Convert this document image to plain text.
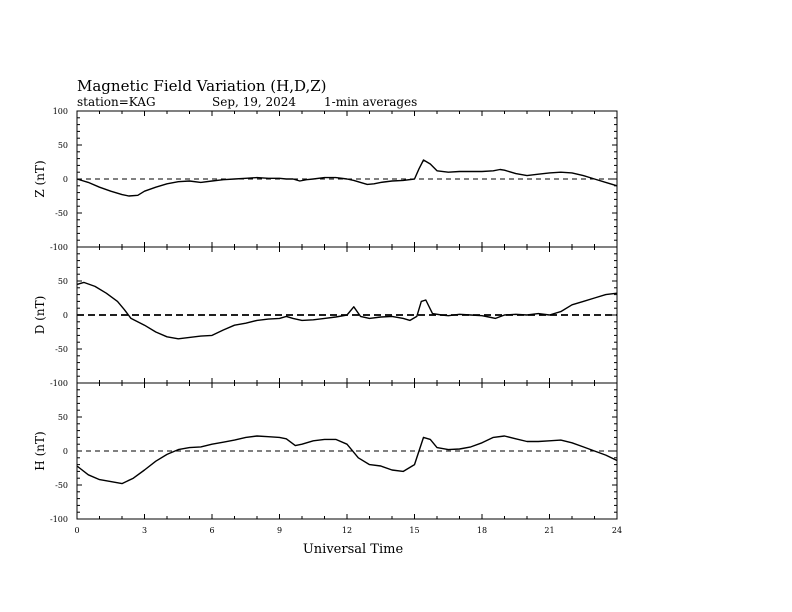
Magnetic Field Variation (H,D,Z)
station=KAG	Sep, 19, 2024 1-min averages
100
50
0
-50
-100
Z (nT)
50
0
-50
-100
D (nT)
50
0
-50
-100
H (nT)
0	3	6	9	12	15	18	21	24
Universal Time
